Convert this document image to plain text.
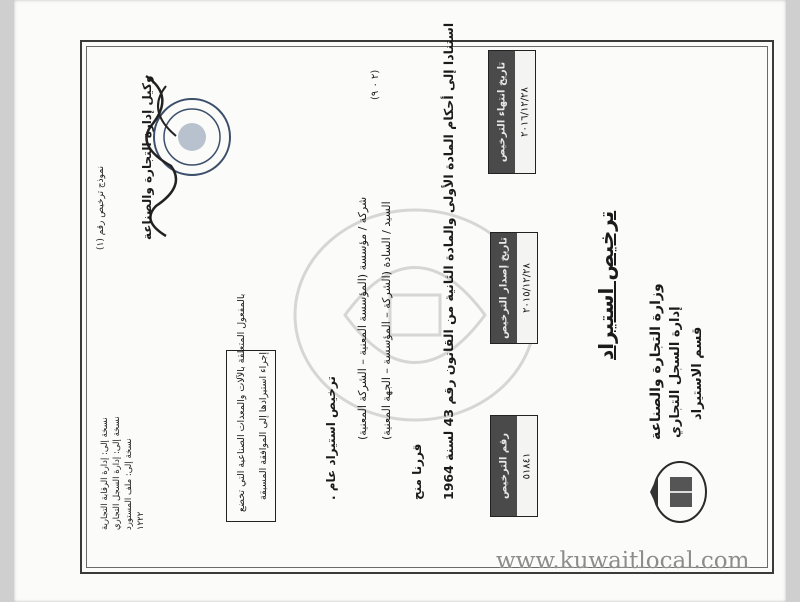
وزارة التجارة والصناعة إدارة السجل التجاري قسم الاستيراد
ترخيص استيراد
رقم الترخيص ٥١٨٤١
تاريخ إصدار الترخيص ٢٠١٥/١٢/٢٨
تاريخ انتهاء الترخيص ٢٠١٦/١٢/٢٨
استنادا إلى أحكام المادة الأولى والمادة الثانية من القانون رقم 43 لسنة 1964
قررنا منح
السيد / السادة (الشركة – المؤسسة – الجهة المعنية)
شركة / مؤسسة (المؤسسة المعنية – الشركة المعنية)
ترخيص استيراد عام .
بالمفعول المتعلقة بالآلات والمعدات الصناعية التي تخضع إجراء استيرادها إلى الموافقة المسبقة
نسخة إلى: إدارة الرقابة التجارية نسخة إلى: إدارة السجل التجاري نسخة إلى: ملف المستورد ١٢٢٢
(٢ ٠ ٩)
نموذج ترخيص رقم (١)	وكيل إدارة التجارة والصناعة
www.kuwaitlocal.com
